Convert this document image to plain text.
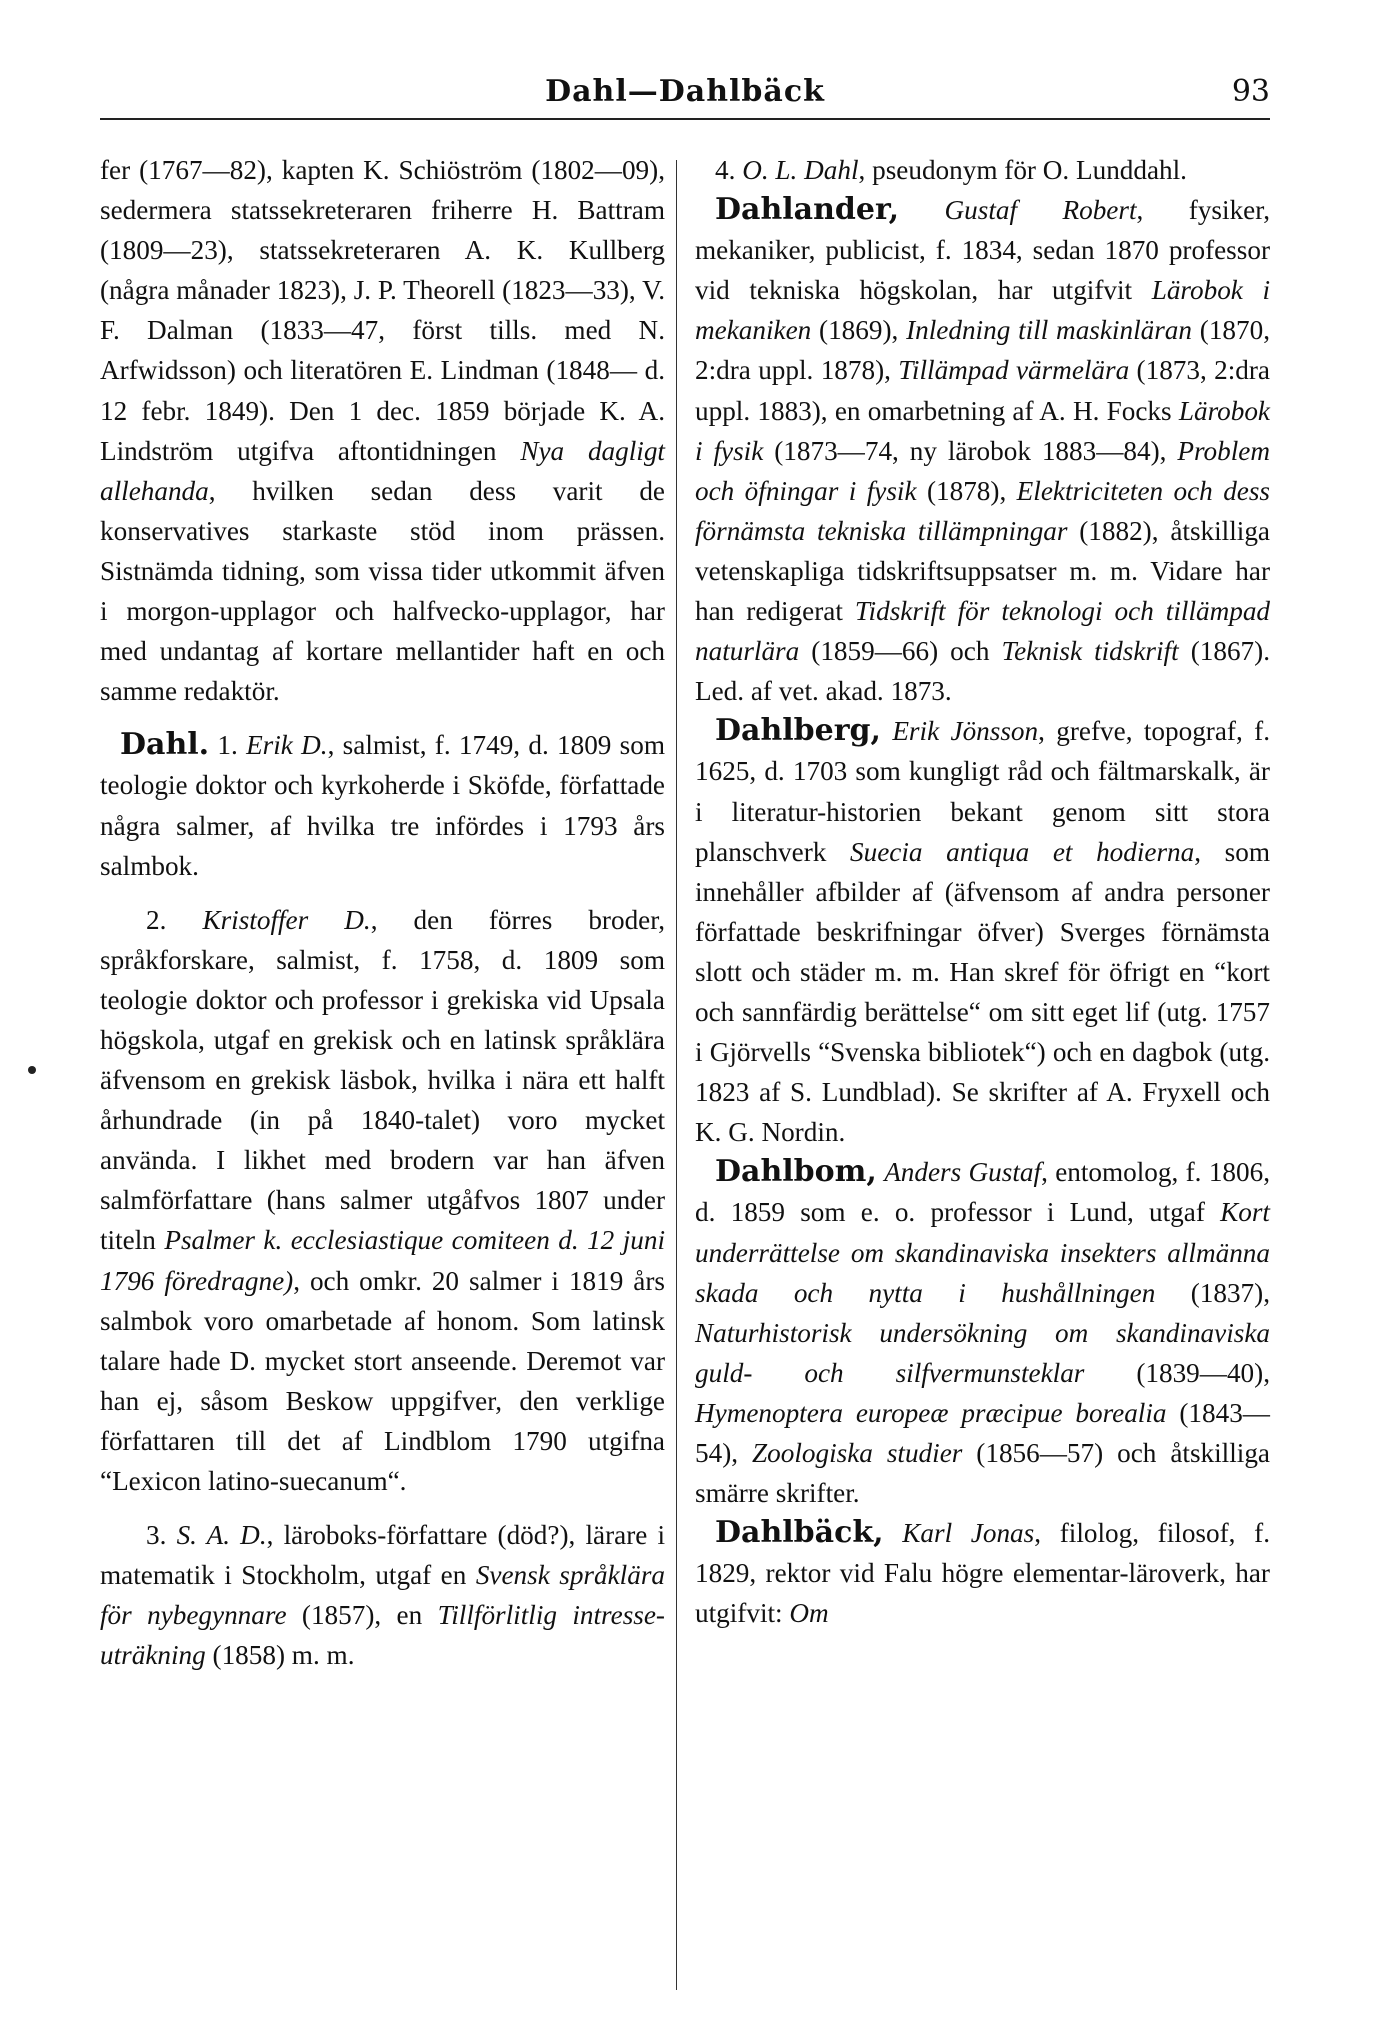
Dahl—Dahlbäck	93

fer (1767—82), kapten K. Schiöström (1802—09), sedermera statssekreteraren friherre H. Battram (1809—23), statssekreteraren A. K. Kullberg (några månader 1823), J. P. Theorell (1823—33), V. F. Dalman (1833—47, först tills. med N. Arfwidsson) och literatören E. Lindman (1848— d. 12 febr. 1849). Den 1 dec. 1859 började K. A. Lindström utgifva aftontidningen Nya dagligt allehanda, hvilken sedan dess varit de konservatives starkaste stöd inom prässen. Sistnämda tidning, som vissa tider utkommit äfven i morgon-upplagor och halfvecko-upplagor, har med undantag af kortare mellantider haft en och samme redaktör.

Dahl. 1. Erik D., salmist, f. 1749, d. 1809 som teologie doktor och kyrkoherde i Sköfde, författade några salmer, af hvilka tre infördes i 1793 års salmbok.

2. Kristoffer D., den förres broder, språkforskare, salmist, f. 1758, d. 1809 som teologie doktor och professor i grekiska vid Upsala högskola, utgaf en grekisk och en latinsk språklära äfvensom en grekisk läsbok, hvilka i nära ett halft århundrade (in på 1840-talet) voro mycket använda. I likhet med brodern var han äfven salmförfattare (hans salmer utgåfvos 1807 under titeln Psalmer k. ecclesiastique comiteen d. 12 juni 1796 föredragne), och omkr. 20 salmer i 1819 års salmbok voro omarbetade af honom. Som latinsk talare hade D. mycket stort anseende. Deremot var han ej, såsom Beskow uppgifver, den verklige författaren till det af Lindblom 1790 utgifna “Lexicon latino-suecanum“.

3. S. A. D., läroboks-författare (död?), lärare i matematik i Stockholm, utgaf en Svensk språklära för nybegynnare (1857), en Tillförlitlig intresse-uträkning (1858) m. m.

4. O. L. Dahl, pseudonym för O. Lunddahl.

Dahlander, Gustaf Robert, fysiker, mekaniker, publicist, f. 1834, sedan 1870 professor vid tekniska högskolan, har utgifvit Lärobok i mekaniken (1869), Inledning till maskinläran (1870, 2:dra uppl. 1878), Tillämpad värmelära (1873, 2:dra uppl. 1883), en omarbetning af A. H. Focks Lärobok i fysik (1873—74, ny lärobok 1883—84), Problem och öfningar i fysik (1878), Elektriciteten och dess förnämsta tekniska tillämpningar (1882), åtskilliga vetenskapliga tidskriftsuppsatser m. m. Vidare har han redigerat Tidskrift för teknologi och tillämpad naturlära (1859—66) och Teknisk tidskrift (1867). Led. af vet. akad. 1873.

Dahlberg, Erik Jönsson, grefve, topograf, f. 1625, d. 1703 som kungligt råd och fältmarskalk, är i literatur-historien bekant genom sitt stora planschverk Suecia antiqua et hodierna, som innehåller afbilder af (äfvensom af andra personer författade beskrifningar öfver) Sverges förnämsta slott och städer m. m. Han skref för öfrigt en “kort och sannfärdig berättelse“ om sitt eget lif (utg. 1757 i Gjörvells “Svenska bibliotek“) och en dagbok (utg. 1823 af S. Lundblad). Se skrifter af A. Fryxell och K. G. Nordin.

Dahlbom, Anders Gustaf, entomolog, f. 1806, d. 1859 som e. o. professor i Lund, utgaf Kort underrättelse om skandinaviska insekters allmänna skada och nytta i hushållningen (1837), Naturhistorisk undersökning om skandinaviska guld- och silfvermunsteklar (1839—40), Hymenoptera europeæ præcipue borealia (1843—54), Zoologiska studier (1856—57) och åtskilliga smärre skrifter.

Dahlbäck, Karl Jonas, filolog, filosof, f. 1829, rektor vid Falu högre elementar-läroverk, har utgifvit: Om
